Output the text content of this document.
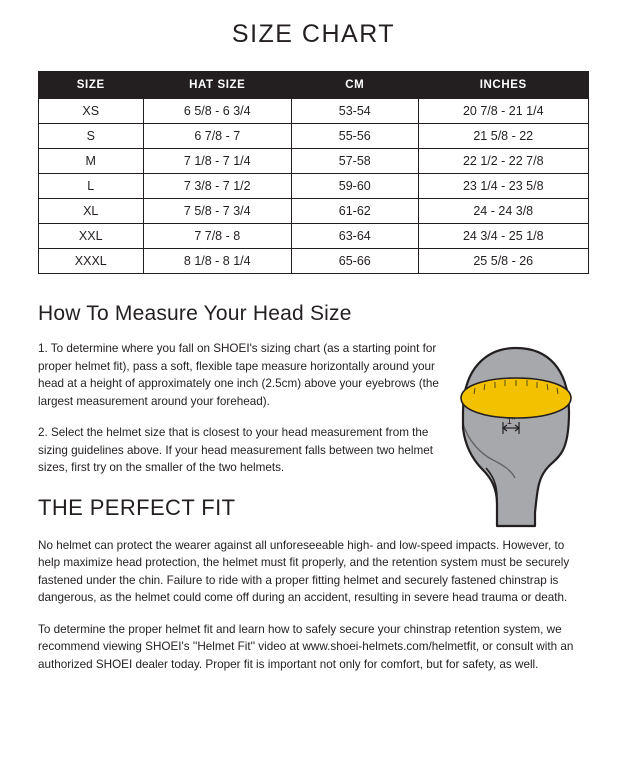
SIZE CHART
SIZE	HAT SIZE	CM	INCHES
XS	6 5/8 - 6 3/4	53-54	20 7/8 - 21 1/4
S	6 7/8 - 7	55-56	21 5/8 - 22
M	7 1/8 - 7 1/4	57-58	22 1/2 - 22 7/8
L	7 3/8 - 7 1/2	59-60	23 1/4 - 23 5/8
XL	7 5/8 - 7 3/4	61-62	24 - 24 3/8
XXL	7 7/8 - 8	63-64	24 3/4 - 25 1/8
XXXL	8 1/8 - 8 1/4	65-66	25 5/8 - 26
How To Measure Your Head Size

1. To determine where you fall on SHOEI's sizing chart (as a starting point for proper helmet fit), pass a soft, flexible tape measure horizontally around your head at a height of approximately one inch (2.5cm) above your eyebrows (the largest measurement around your forehead).

2. Select the helmet size that is closest to your head measurement from the sizing guidelines above. If your head measurement falls between two helmet sizes, first try on the smaller of the two helmets.

THE PERFECT FIT

No helmet can protect the wearer against all unforeseeable high- and low-speed impacts. However, to help maximize head protection, the helmet must fit properly, and the retention system must be securely fastened under the chin. Failure to ride with a proper fitting helmet and securely fastened chinstrap is dangerous, as the helmet could come off during an accident, resulting in severe head trauma or death.

To determine the proper helmet fit and learn how to safely secure your chinstrap retention system, we recommend viewing SHOEI's ''Helmet Fit'' video at www.shoei-helmets.com/helmetfit, or consult with an authorized SHOEI dealer today. Proper fit is important not only for comfort, but for safety, as well.

1"
